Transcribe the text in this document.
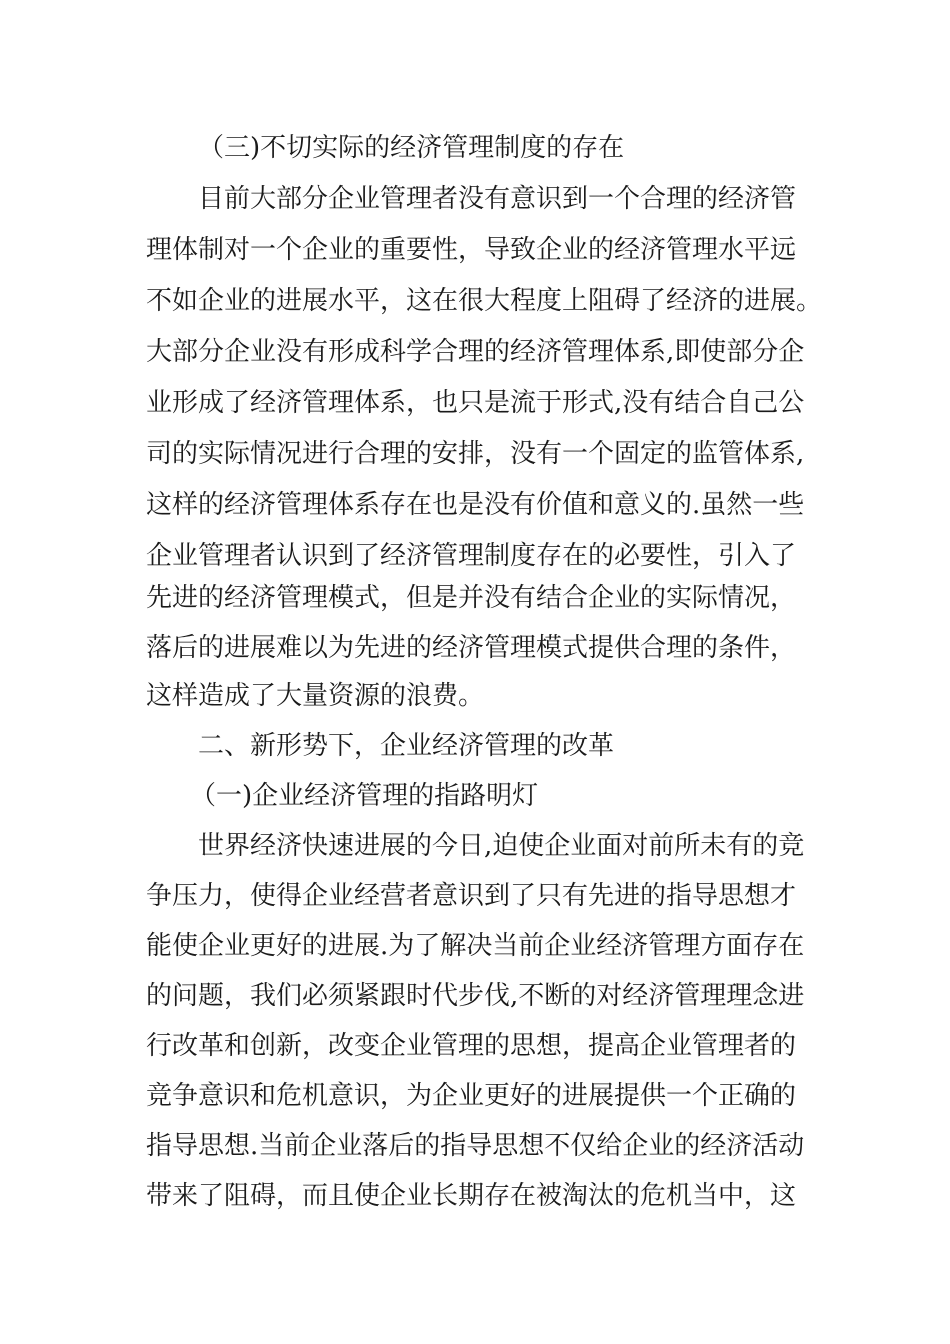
（三)不切实际的经济管理制度的存在
目前大部分企业管理者没有意识到一个合理的经济管
理体制对一个企业的重要性，导致企业的经济管理水平远
不如企业的进展水平，这在很大程度上阻碍了经济的进展。
大部分企业没有形成科学合理的经济管理体系,即使部分企
业形成了经济管理体系，也只是流于形式,没有结合自己公
司的实际情况进行合理的安排，没有一个固定的监管体系,
这样的经济管理体系存在也是没有价值和意义的.虽然一些
企业管理者认识到了经济管理制度存在的必要性，引入了
先进的经济管理模式，但是并没有结合企业的实际情况，
落后的进展难以为先进的经济管理模式提供合理的条件，
这样造成了大量资源的浪费。
二、新形势下，企业经济管理的改革
（一)企业经济管理的指路明灯
世界经济快速进展的今日,迫使企业面对前所未有的竞
争压力，使得企业经营者意识到了只有先进的指导思想才
能使企业更好的进展.为了解决当前企业经济管理方面存在
的问题，我们必须紧跟时代步伐,不断的对经济管理理念进
行改革和创新，改变企业管理的思想，提高企业管理者的
竞争意识和危机意识，为企业更好的进展提供一个正确的
指导思想.当前企业落后的指导思想不仅给企业的经济活动
带来了阻碍，而且使企业长期存在被淘汰的危机当中，这
